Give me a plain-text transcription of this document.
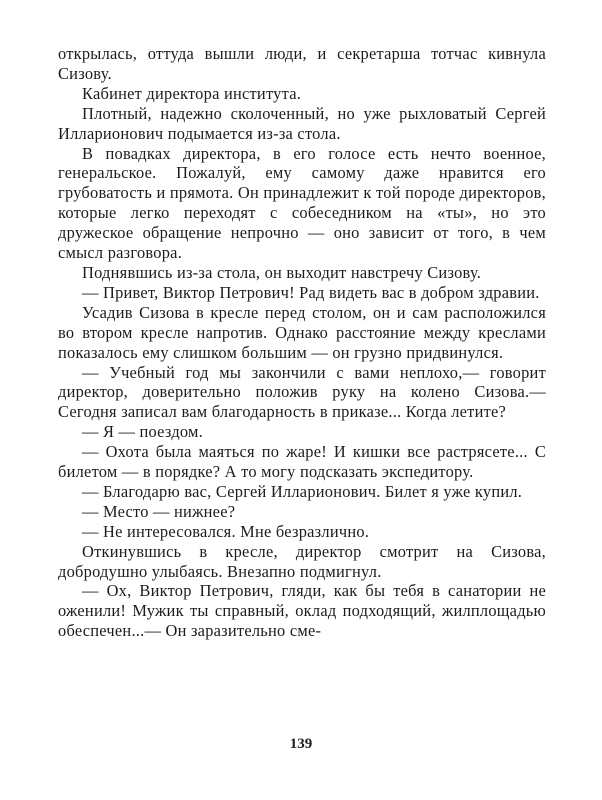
открылась, оттуда вышли люди, и секретарша тотчас кивнула Сизову.

Кабинет директора института.

Плотный, надежно сколоченный, но уже рыхловатый Сергей Илларионович подымается из-за стола.

В повадках директора, в его голосе есть нечто военное, генеральское. Пожалуй, ему самому даже нравится его грубоватость и прямота. Он принадлежит к той породе директоров, которые легко переходят с собеседником на «ты», но это дружеское обращение непрочно — оно зависит от того, в чем смысл разговора.

Поднявшись из-за стола, он выходит навстречу Сизову.

— Привет, Виктор Петрович! Рад видеть вас в добром здравии.

Усадив Сизова в кресле перед столом, он и сам расположился во втором кресле напротив. Однако расстояние между креслами показалось ему слишком большим — он грузно придвинулся.

— Учебный год мы закончили с вами неплохо,— говорит директор, доверительно положив руку на колено Сизова.— Сегодня записал вам благодарность в приказе... Когда летите?

— Я — поездом.

— Охота была маяться по жаре! И кишки все растрясете... С билетом — в порядке? А то могу подсказать экспедитору.

— Благодарю вас, Сергей Илларионович. Билет я уже купил.

— Место — нижнее?

— Не интересовался. Мне безразлично.

Откинувшись в кресле, директор смотрит на Сизова, добродушно улыбаясь. Внезапно подмигнул.

— Ох, Виктор Петрович, гляди, как бы тебя в санатории не оженили! Мужик ты справный, оклад подходящий, жилплощадью обеспечен...— Он заразительно сме-

139
